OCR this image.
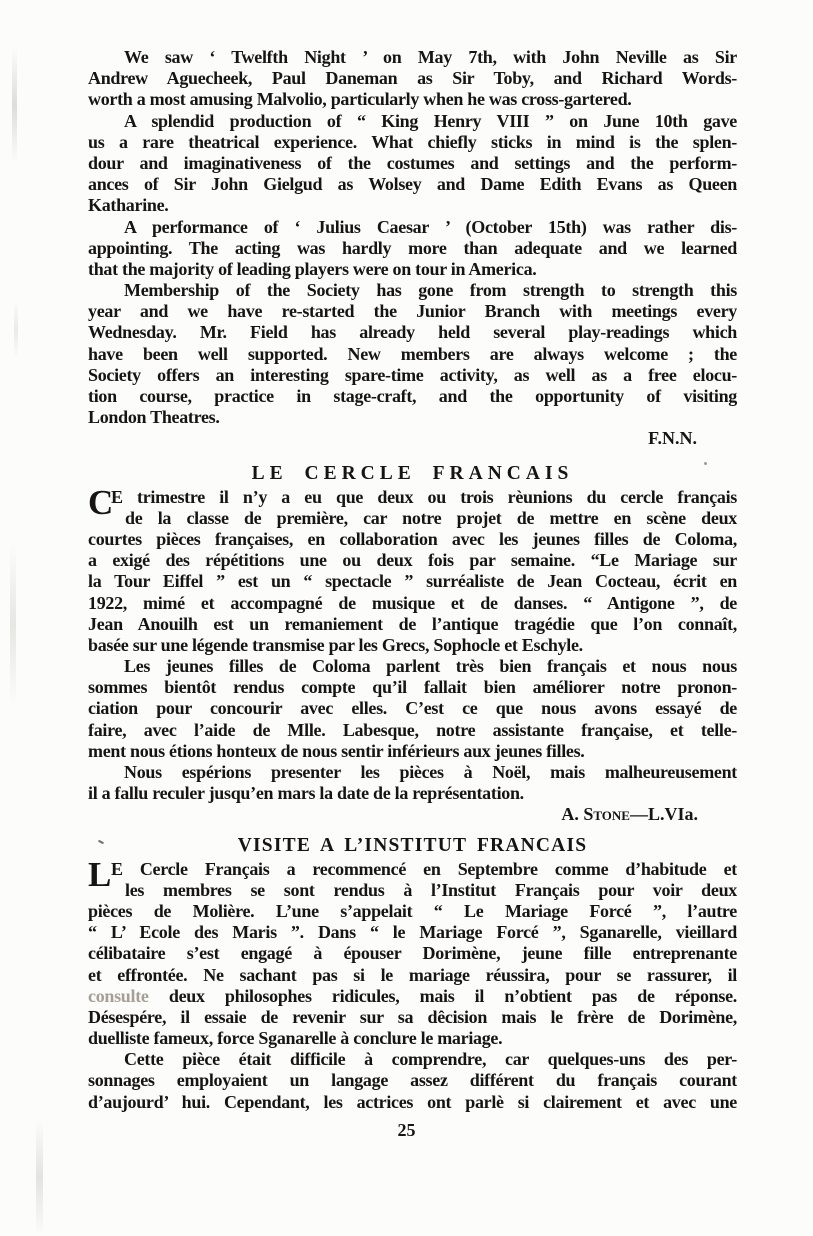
We saw ‘ Twelfth Night ’ on May 7th, with John Neville as Sir
Andrew Aguecheek, Paul Daneman as Sir Toby, and Richard Words-
worth a most amusing Malvolio, particularly when he was cross-gartered.
A splendid production of “ King Henry VIII ” on June 10th gave
us a rare theatrical experience. What chiefly sticks in mind is the splen-
dour and imaginativeness of the costumes and settings and the perform-
ances of Sir John Gielgud as Wolsey and Dame Edith Evans as Queen
Katharine.
A performance of ‘ Julius Caesar ’ (October 15th) was rather dis-
appointing. The acting was hardly more than adequate and we learned
that the majority of leading players were on tour in America.
Membership of the Society has gone from strength to strength this
year and we have re-started the Junior Branch with meetings every
Wednesday. Mr. Field has already held several play-readings which
have been well supported. New members are always welcome ; the
Society offers an interesting spare-time activity, as well as a free elocu-
tion course, practice in stage-craft, and the opportunity of visiting
London Theatres.
F.N.N.
LE CERCLE FRANCAIS
C
E trimestre il n’y a eu que deux ou trois rèunions du cercle français
de la classe de première, car notre projet de mettre en scène deux
courtes pièces françaises, en collaboration avec les jeunes filles de Coloma,
a exigé des répétitions une ou deux fois par semaine. “Le Mariage sur
la Tour Eiffel ” est un “ spectacle ” surréaliste de Jean Cocteau, écrit en
1922, mimé et accompagné de musique et de danses. “ Antigone ”, de
Jean Anouilh est un remaniement de l’antique tragédie que l’on connaît,
basée sur une légende transmise par les Grecs, Sophocle et Eschyle.
Les jeunes filles de Coloma parlent très bien français et nous nous
sommes bientôt rendus compte qu’il fallait bien améliorer notre pronon-
ciation pour concourir avec elles. C’est ce que nous avons essayé de
faire, avec l’aide de Mlle. Labesque, notre assistante française, et telle-
ment nous étions honteux de nous sentir inférieurs aux jeunes filles.
Nous espérions presenter les pièces à Noël, mais malheureusement
il a fallu reculer jusqu’en mars la date de la représentation.
A. Stone—L.VIa.
VISITE A L’INSTITUT FRANCAIS
L E Cercle Français a recommencé en Septembre comme d’habitude et
les membres se sont rendus à l’Institut Français pour voir deux
pièces de Molière. L’une s’appelait “ Le Mariage Forcé ”, l’autre
“ L’ Ecole des Maris ”. Dans “ le Mariage Forcé ”, Sganarelle, vieillard
célibataire s’est engagé à épouser Dorimène, jeune fille entreprenante
et effrontée. Ne sachant pas si le mariage réussira, pour se rassurer, il
consulte deux philosophes ridicules, mais il n’obtient pas de réponse.
Désespére, il essaie de revenir sur sa dêcision mais le frère de Dorimène,
duelliste fameux, force Sganarelle à conclure le mariage.
Cette pièce était difficile à comprendre, car quelques-uns des per-
sonnages employaient un langage assez différent du français courant
d’aujourd’ hui. Cependant, les actrices ont parlè si clairement et avec une
25
